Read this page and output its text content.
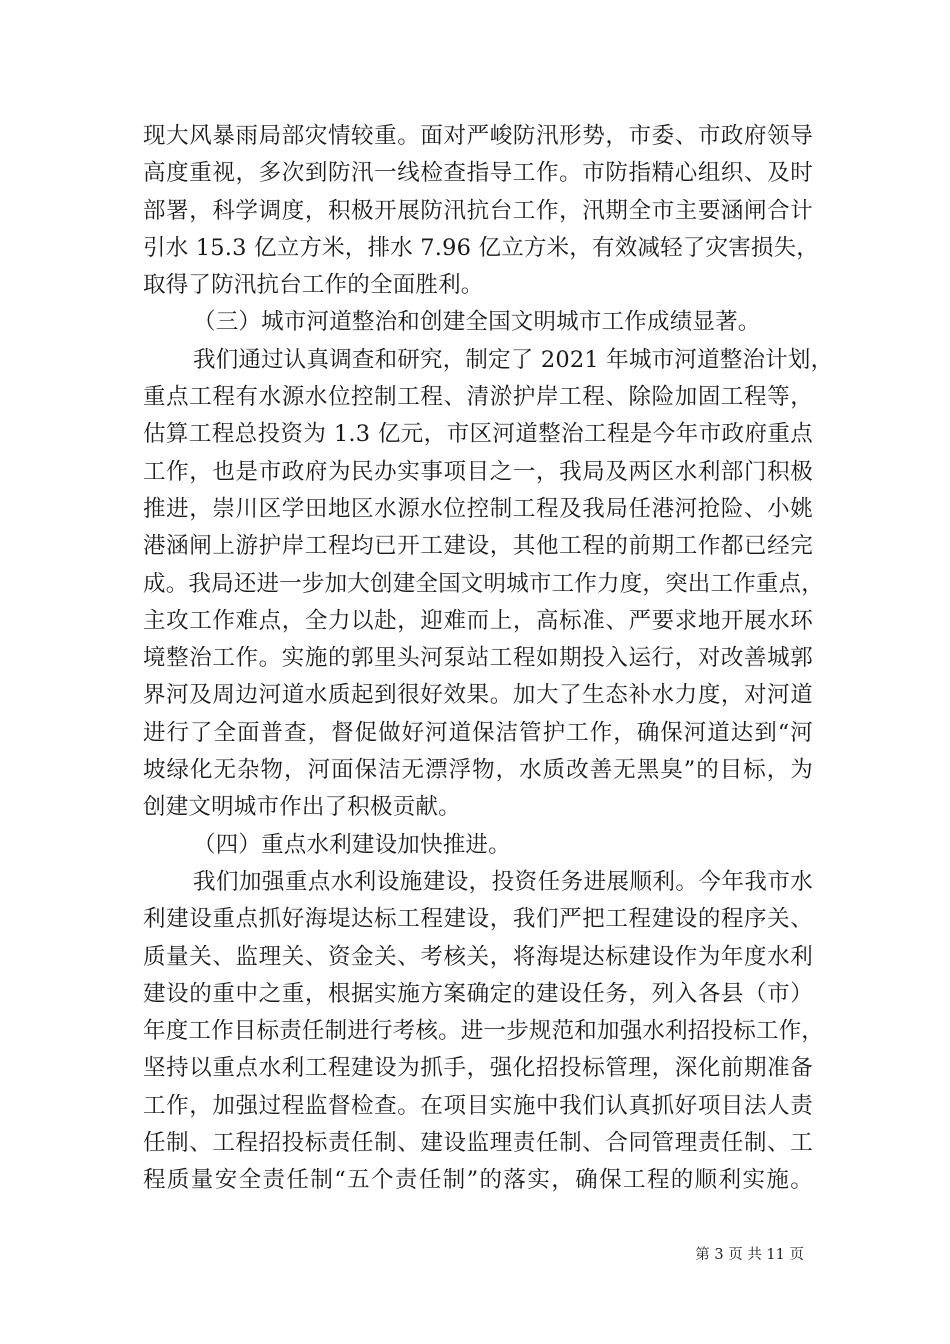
现大风暴雨局部灾情较重。面对严峻防汛形势，市委、市政府领导
高度重视，多次到防汛一线检查指导工作。市防指精心组织、及时
部署，科学调度，积极开展防汛抗台工作，汛期全市主要涵闸合计
引水 15.3 亿立方米，排水 7.96 亿立方米，有效减轻了灾害损失，
取得了防汛抗台工作的全面胜利。
（三）城市河道整治和创建全国文明城市工作成绩显著。
我们通过认真调查和研究，制定了 2021 年城市河道整治计划，
重点工程有水源水位控制工程、清淤护岸工程、除险加固工程等，
估算工程总投资为 1.3 亿元，市区河道整治工程是今年市政府重点
工作，也是市政府为民办实事项目之一，我局及两区水利部门积极
推进，崇川区学田地区水源水位控制工程及我局任港河抢险、小姚
港涵闸上游护岸工程均已开工建设，其他工程的前期工作都已经完
成。我局还进一步加大创建全国文明城市工作力度，突出工作重点，
主攻工作难点，全力以赴，迎难而上，高标准、严要求地开展水环
境整治工作。实施的郭里头河泵站工程如期投入运行，对改善城郭
界河及周边河道水质起到很好效果。加大了生态补水力度，对河道
进行了全面普查，督促做好河道保洁管护工作，确保河道达到“河
坡绿化无杂物，河面保洁无漂浮物，水质改善无黑臭”的目标，为
创建文明城市作出了积极贡献。
（四）重点水利建设加快推进。
我们加强重点水利设施建设，投资任务进展顺利。今年我市水
利建设重点抓好海堤达标工程建设，我们严把工程建设的程序关、
质量关、监理关、资金关、考核关，将海堤达标建设作为年度水利
建设的重中之重，根据实施方案确定的建设任务，列入各县（市）
年度工作目标责任制进行考核。进一步规范和加强水利招投标工作，
坚持以重点水利工程建设为抓手，强化招投标管理，深化前期准备
工作，加强过程监督检查。在项目实施中我们认真抓好项目法人责
任制、工程招投标责任制、建设监理责任制、合同管理责任制、工
程质量安全责任制“五个责任制”的落实，确保工程的顺利实施。
第 3 页 共 11 页
